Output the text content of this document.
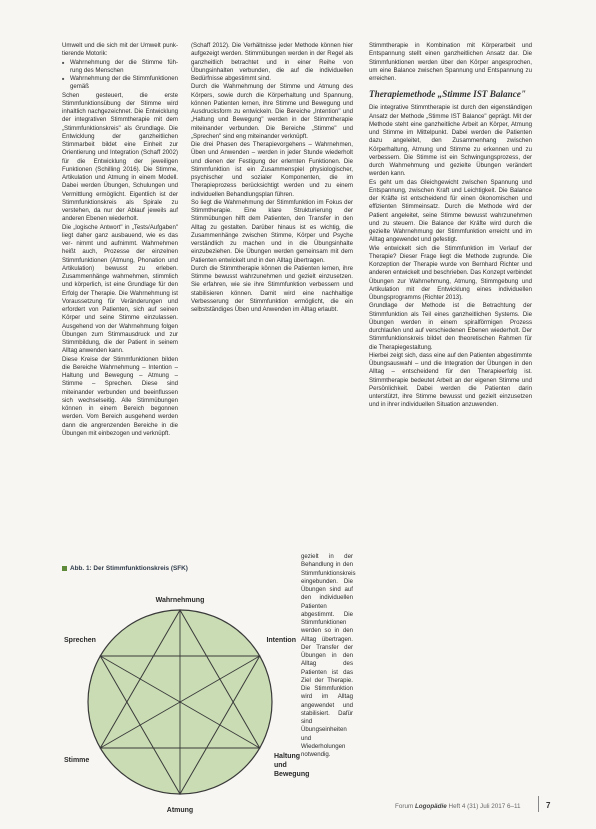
Umwelt und die sich mit der Umwelt punk- tierende Motorik:

■ Wahrnehmung der die Stimme füh- rung des Menschen
■ Wahrnehmung der die Stimmfunktionen gemäß

Schen gesteuert, die erste Stimmfunktionsübung der Stimme wird inhaltlich nachgezeichnet. Die Entwicklung der integrativen Stimmtherapie mit dem „Stimmfunktionskreis" als Grundlage. Die Entwicklung der ganzheitlichen Stimmarbeit bildet eine Einheit zur Orientierung und Integration (Schaff 2002) für die Entwicklung der jeweiligen Funktionen (Schilling 2016). Die Stimme, Artikulation und Atmung in einem Modell. Dabei werden Übungen, Schulungen und Vermittlung ermöglicht. Eigentlich ist der Stimmfunktionskreis als Spirale zu verstehen, da nur der Ablauf jeweils auf anderen Ebenen wiederholt.

Die „logische Antwort" in „Tests/Aufgaben" liegt daher ganz ausbauend, wie es das ver- nimmt und aufnimmt. Wahrnehmen heißt auch, Prozesse der einzelnen Stimmfunktionen (Atmung, Phonation und Artikulation) bewusst zu erleben. Zusammenhänge wahrnehmen, stimmlich und körperlich, ist eine Grundlage für den Erfolg der Therapie. Die Wahrnehmung ist Voraussetzung für Veränderungen und erfordert von Patienten, sich auf seinen Körper und seine Stimme einzulassen. Ausgehend von der Wahrnehmung folgen Übungen zum Stimmausdruck und zur Stimmbildung, die der Patient in seinem Alltag anwenden kann.

Diese Kreise der Stimmfunktionen bilden die Bereiche Wahrnehmung – Intention – Haltung und Bewegung – Atmung – Stimme – Sprechen. Diese sind miteinander verbunden und beeinflussen sich wechselseitig. Alle Stimmübungen können in einem Bereich begonnen werden. Vom Bereich ausgehend werden dann die angrenzenden Bereiche in die Übungen mit einbezogen und verknüpft.

(Schaff 2012). Die Verhältnisse jeder Methode können hier aufgezeigt werden. Stimmübungen werden in der Regel als ganzheitlich betrachtet und in einer Reihe von Übungsinhalten verbunden, die auf die individuellen Bedürfnisse abgestimmt sind.

Durch die Wahrnehmung der Stimme und Atmung des Körpers, sowie durch die Körperhaltung und Spannung, können Patienten lernen, ihre Stimme und Bewegung und Ausdrucksform zu entwickeln. Die Bereiche „Intention" und „Haltung und Bewegung" werden in der Stimmtherapie miteinander verbunden. Die Bereiche „Stimme" und „Sprechen" sind eng miteinander verknüpft.

Die drei Phasen des Therapievorgehens – Wahrnehmen, Üben und Anwenden – werden in jeder Stunde wiederholt und dienen der Festigung der erlernten Funktionen. Die Stimmfunktion ist ein Zusammenspiel physiologischer, psychischer und sozialer Komponenten, die im Therapieprozess berücksichtigt werden und zu einem individuellen Behandlungsplan führen.

So liegt die Wahrnehmung der Stimmfunktion im Fokus der Stimmtherapie. Eine klare Strukturierung der Stimmübungen hilft dem Patienten, den Transfer in den Alltag zu gestalten. Darüber hinaus ist es wichtig, die Zusammenhänge zwischen Stimme, Körper und Psyche verständlich zu machen und in die Übungsinhalte einzubeziehen. Die Übungen werden gemeinsam mit dem Patienten entwickelt und in den Alltag übertragen.

Durch die Stimmtherapie können die Patienten lernen, ihre Stimme bewusst wahrzunehmen und gezielt einzusetzen. Sie erfahren, wie sie ihre Stimmfunktion verbessern und stabilisieren können. Damit wird eine nachhaltige Verbesserung der Stimmfunktion ermöglicht, die ein selbstständiges Üben und Anwenden im Alltag erlaubt.

gezielt in der Behandlung in den Stimmfunktionskreis eingebunden. Die Übungen sind auf den individuellen Patienten abgestimmt. Die Stimmfunktionen werden so in den Alltag übertragen. Der Transfer der Übungen in den Alltag des Patienten ist das Ziel der Therapie. Die Stimmfunktion wird im Alltag angewendet und stabilisiert. Dafür sind Übungseinheiten und Wiederholungen notwendig.

Stimmtherapie in Kombination mit Körperarbeit und Entspannung stellt einen ganzheitlichen Ansatz dar. Die Stimmfunktionen werden über den Körper angesprochen, um eine Balance zwischen Spannung und Entspannung zu erreichen.

Therapiemethode „Stimme IST Balance"

Die integrative Stimmtherapie ist durch den eigenständigen Ansatz der Methode „Stimme IST Balance" geprägt. Mit der Methode steht eine ganzheitliche Arbeit an Körper, Atmung und Stimme im Mittelpunkt. Dabei werden die Patienten dazu angeleitet, den Zusammenhang zwischen Körperhaltung, Atmung und Stimme zu erkennen und zu verbessern. Die Stimme ist ein Schwingungsprozess, der durch Wahrnehmung und gezielte Übungen verändert werden kann.

Es geht um das Gleichgewicht zwischen Spannung und Entspannung, zwischen Kraft und Leichtigkeit. Die Balance der Kräfte ist entscheidend für einen ökonomischen und effizienten Stimmeinsatz. Durch die Methode wird der Patient angeleitet, seine Stimme bewusst wahrzunehmen und zu steuern. Die Balance der Kräfte wird durch die gezielte Wahrnehmung der Stimmfunktion erreicht und im Alltag angewendet und gefestigt.

Wie entwickelt sich die Stimmfunktion im Verlauf der Therapie? Dieser Frage liegt die Methode zugrunde. Die Konzeption der Therapie wurde von Bernhard Richter und anderen entwickelt und beschrieben. Das Konzept verbindet Übungen zur Wahrnehmung, Atmung, Stimmgebung und Artikulation mit der Entwicklung eines individuellen Übungsprogramms (Richter 2013).

Grundlage der Methode ist die Betrachtung der Stimmfunktion als Teil eines ganzheitlichen Systems. Die Übungen werden in einem spiralförmigen Prozess durchlaufen und auf verschiedenen Ebenen wiederholt. Der Stimmfunktionskreis bildet den theoretischen Rahmen für die Therapiegestaltung.

Hierbei zeigt sich, dass eine auf den Patienten abgestimmte Übungsauswahl – und die Integration der Übungen in den Alltag – entscheidend für den Therapieerfolg ist. Stimmtherapie bedeutet Arbeit an der eigenen Stimme und Persönlichkeit. Dabei werden die Patienten darin unterstützt, ihre Stimme bewusst und gezielt einzusetzen und in ihrer individuellen Situation anzuwenden.

Abb. 1: Der Stimmfunktionskreis (SFK)
Wahrnehmung
Sprechen	Intention
Stimme
Haltung und Bewegung
Atmung
Forum Logopädie Heft 4 (31) Juli 2017 6–11	7
